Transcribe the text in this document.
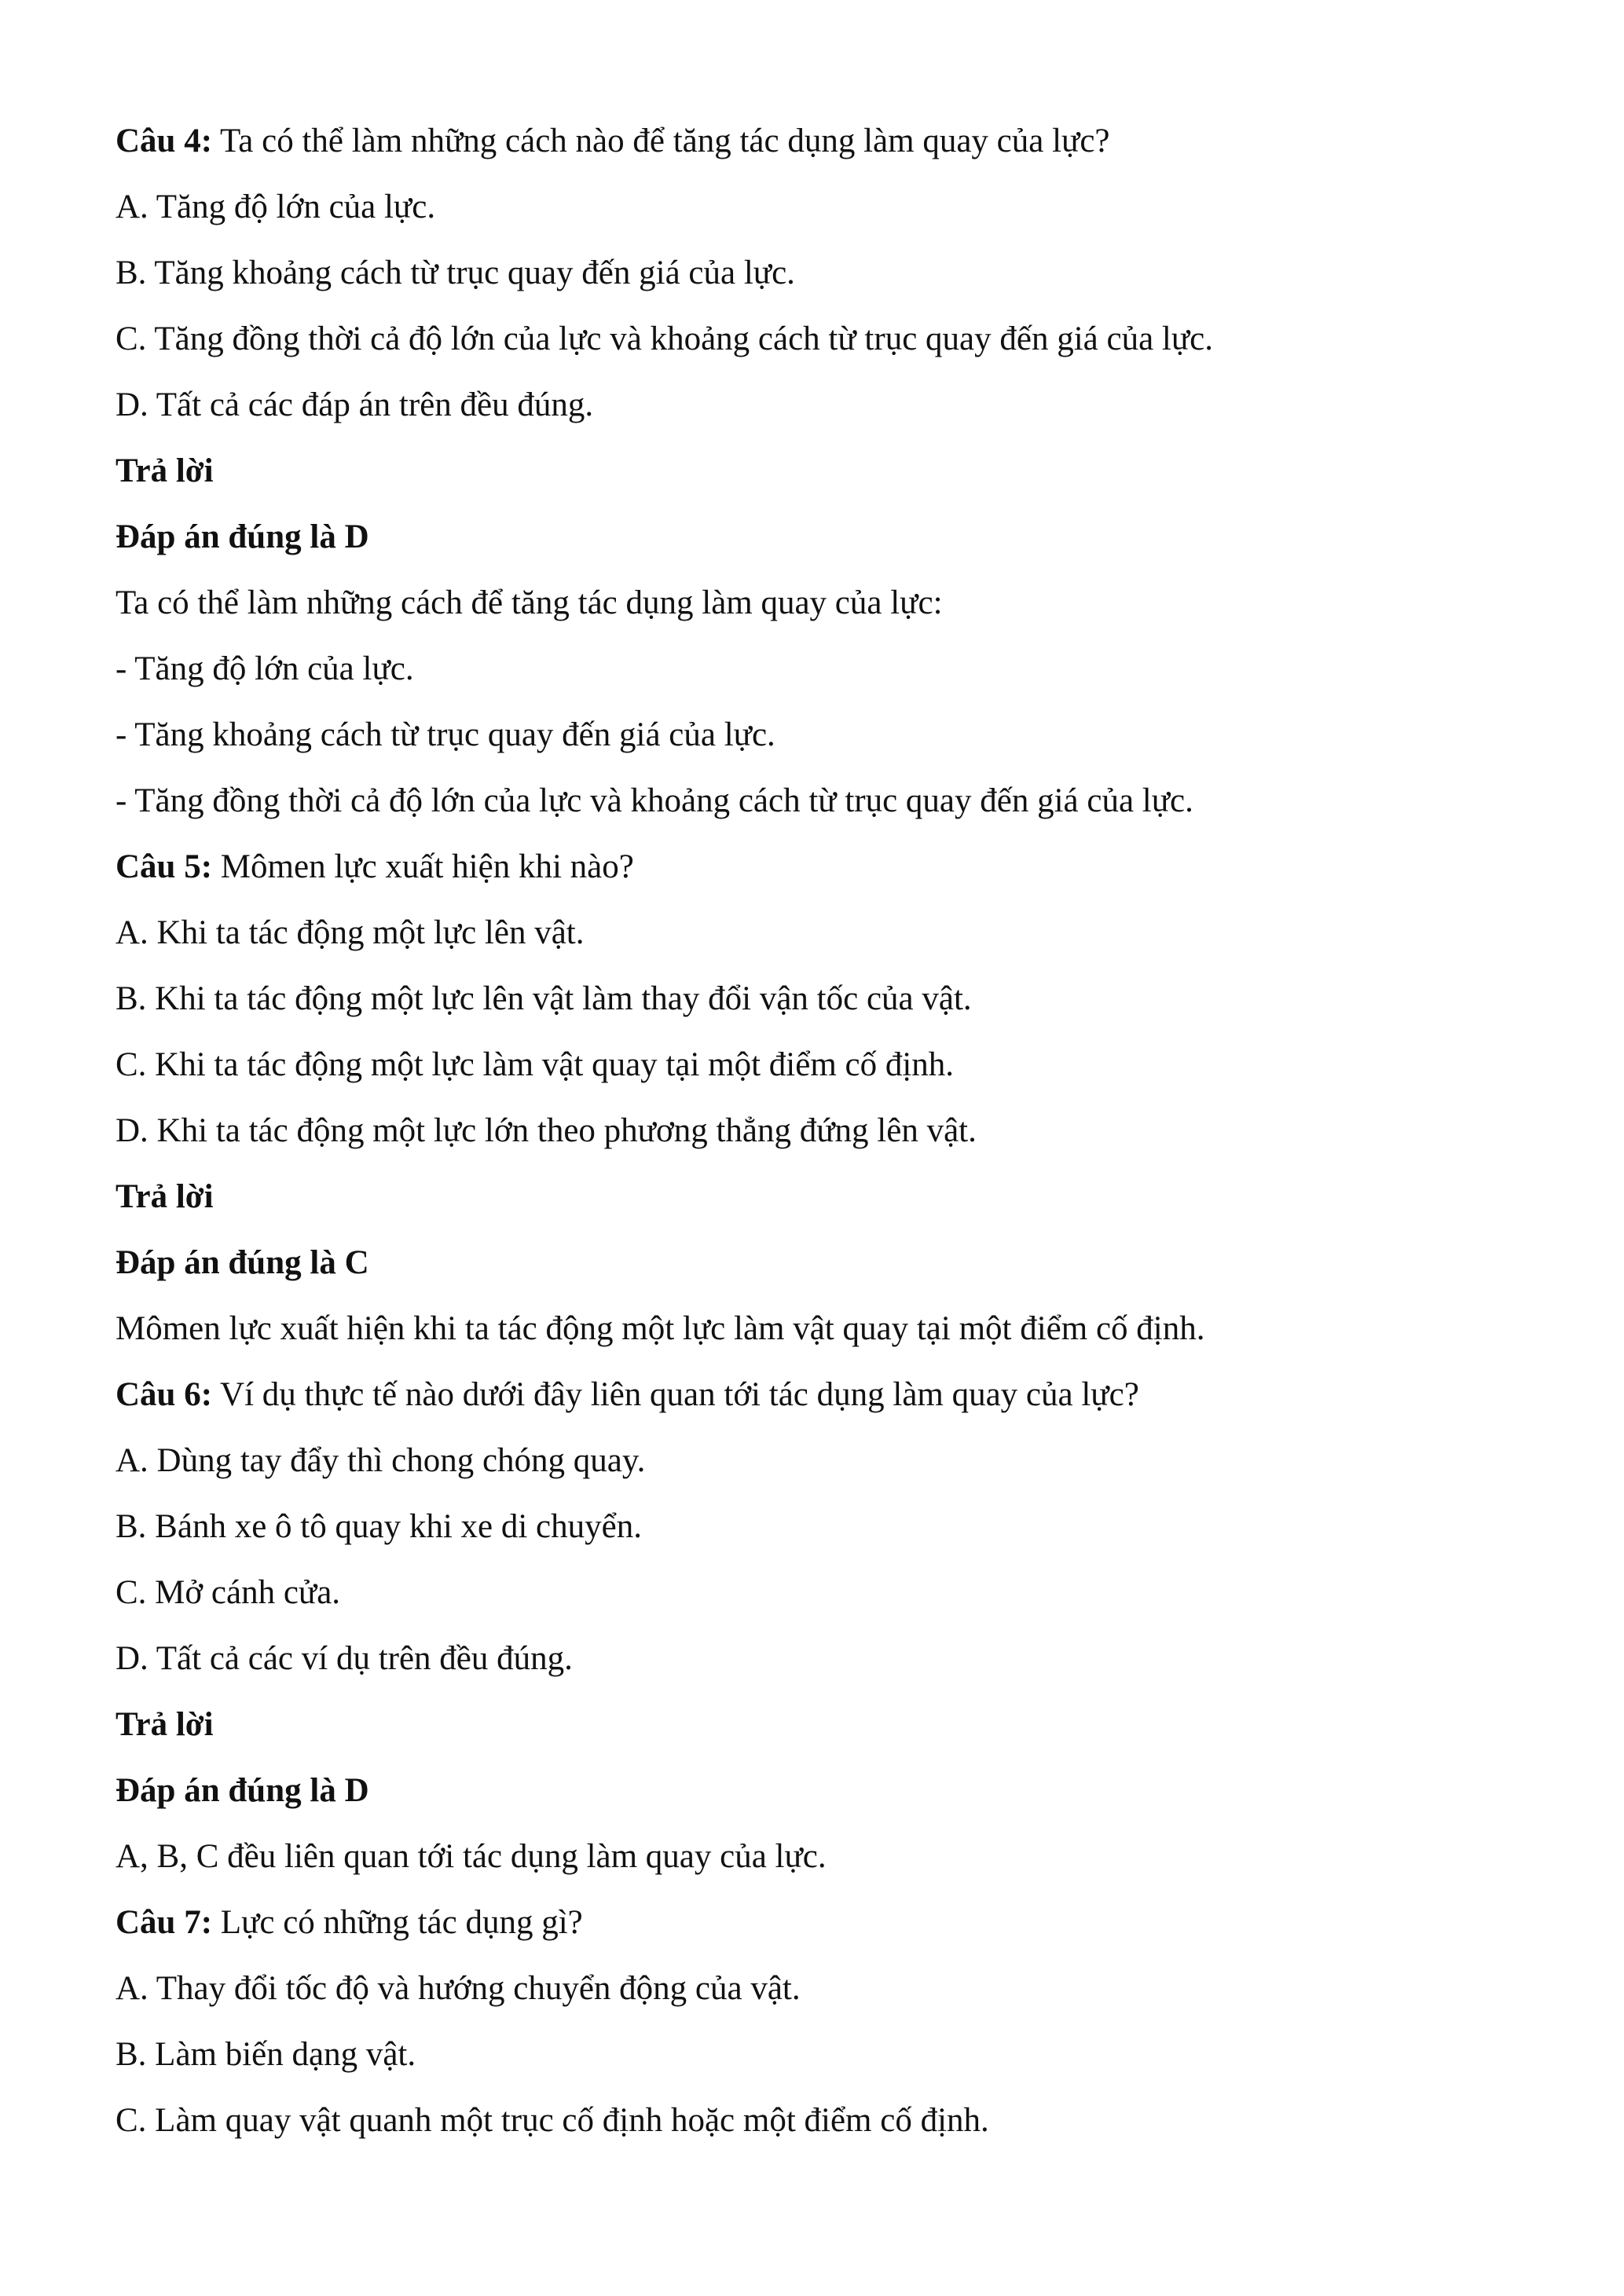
Câu 4: Ta có thể làm những cách nào để tăng tác dụng làm quay của lực?
A. Tăng độ lớn của lực.
B. Tăng khoảng cách từ trục quay đến giá của lực.
C. Tăng đồng thời cả độ lớn của lực và khoảng cách từ trục quay đến giá của lực.
D. Tất cả các đáp án trên đều đúng.
Trả lời
Đáp án đúng là D
Ta có thể làm những cách để tăng tác dụng làm quay của lực:
- Tăng độ lớn của lực.
- Tăng khoảng cách từ trục quay đến giá của lực.
- Tăng đồng thời cả độ lớn của lực và khoảng cách từ trục quay đến giá của lực.
Câu 5: Mômen lực xuất hiện khi nào?
A. Khi ta tác động một lực lên vật.
B. Khi ta tác động một lực lên vật làm thay đổi vận tốc của vật.
C. Khi ta tác động một lực làm vật quay tại một điểm cố định.
D. Khi ta tác động một lực lớn theo phương thẳng đứng lên vật.
Trả lời
Đáp án đúng là C
Mômen lực xuất hiện khi ta tác động một lực làm vật quay tại một điểm cố định.
Câu 6: Ví dụ thực tế nào dưới đây liên quan tới tác dụng làm quay của lực?
A. Dùng tay đẩy thì chong chóng quay.
B. Bánh xe ô tô quay khi xe di chuyển.
C. Mở cánh cửa.
D. Tất cả các ví dụ trên đều đúng.
Trả lời
Đáp án đúng là D
A, B, C đều liên quan tới tác dụng làm quay của lực.
Câu 7: Lực có những tác dụng gì?
A. Thay đổi tốc độ và hướng chuyển động của vật.
B. Làm biến dạng vật.
C. Làm quay vật quanh một trục cố định hoặc một điểm cố định.
